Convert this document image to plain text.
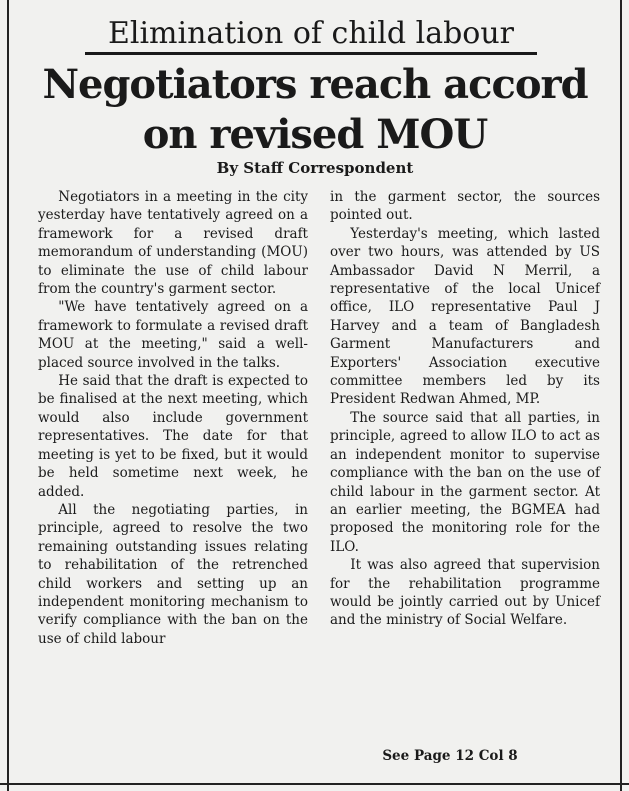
Elimination of child labour
Negotiators reach accord
on revised MOU
By Staff Correspondent

Negotiators in a meeting in the city yesterday have tentatively agreed on a framework for a revised draft memorandum of understanding (MOU) to eliminate the use of child labour from the country's garment sector.

"We have tentatively agreed on a framework to formulate a revised draft MOU at the meeting," said a well-placed source involved in the talks.

He said that the draft is expected to be finalised at the next meeting, which would also include government representatives. The date for that meeting is yet to be fixed, but it would be held sometime next week, he added.

All the negotiating parties, in principle, agreed to resolve the two remaining outstanding issues relating to rehabilitation of the retrenched child workers and setting up an independent monitoring mechanism to verify compliance with the ban on the use of child labour

in the garment sector, the sources pointed out.

Yesterday's meeting, which lasted over two hours, was attended by US Ambassador David N Merril, a representative of the local Unicef office, ILO representative Paul J Harvey and a team of Bangladesh Garment Manufacturers and Exporters' Association executive committee members led by its President Redwan Ahmed, MP.

The source said that all parties, in principle, agreed to allow ILO to act as an independent monitor to supervise compliance with the ban on the use of child labour in the garment sector. At an earlier meeting, the BGMEA had proposed the monitoring role for the ILO.

It was also agreed that supervision for the rehabilitation programme would be jointly carried out by Unicef and the ministry of Social Welfare.

See Page 12 Col 8
